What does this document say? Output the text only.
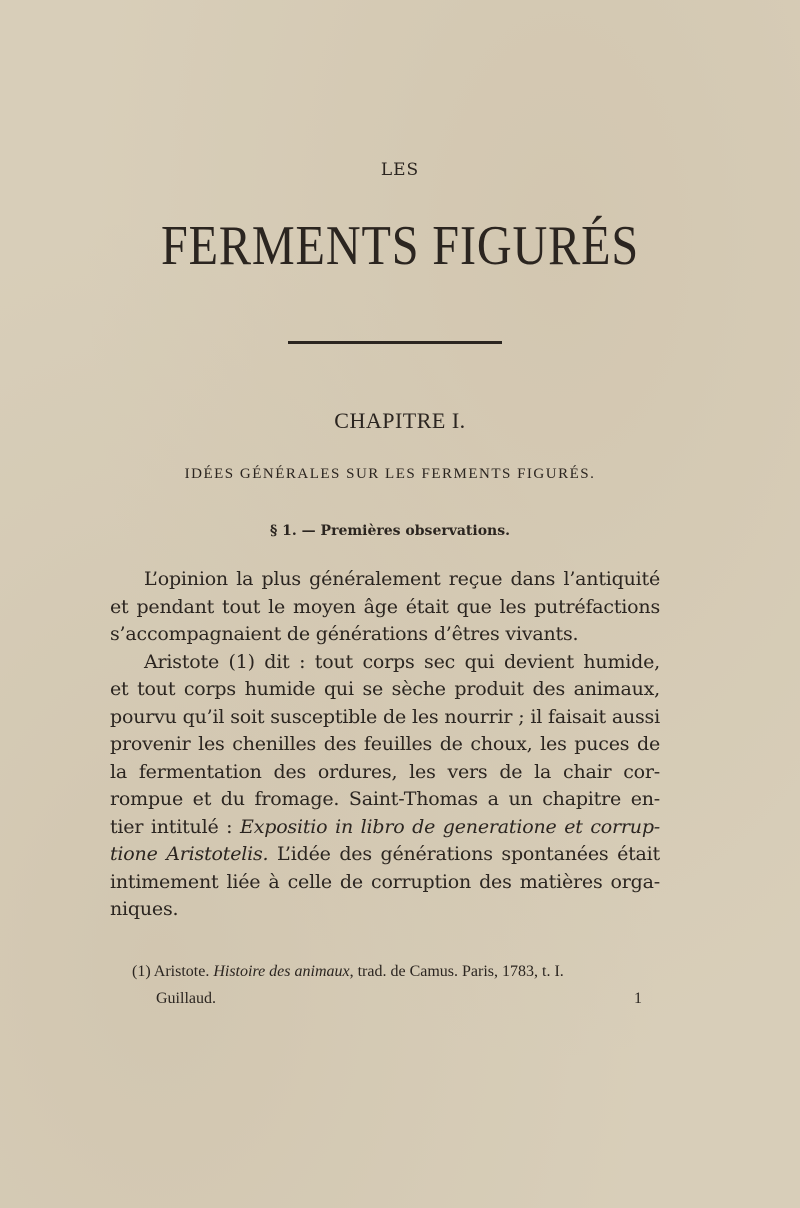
LES
FERMENTS FIGURÉS
CHAPITRE I.
IDÉES GÉNÉRALES SUR LES FERMENTS FIGURÉS.
§ 1. — Premières observations.
L’opinion la plus généralement reçue dans l’antiquité
et pendant tout le moyen âge était que les putréfactions
s’accompagnaient de générations d’êtres vivants.
Aristote (1) dit : tout corps sec qui devient humide,
et tout corps humide qui se sèche produit des animaux,
pourvu qu’il soit susceptible de les nourrir ; il faisait aussi
provenir les chenilles des feuilles de choux, les puces de
la fermentation des ordures, les vers de la chair cor-
rompue et du fromage. Saint-Thomas a un chapitre en-
tier intitulé : Expositio in libro de generatione et corrup-
tione Aristotelis. L’idée des générations spontanées était
intimement liée à celle de corruption des matières orga-
niques.
(1) Aristote. Histoire des animaux, trad. de Camus. Paris, 1783, t. I.
Guillaud.	1
